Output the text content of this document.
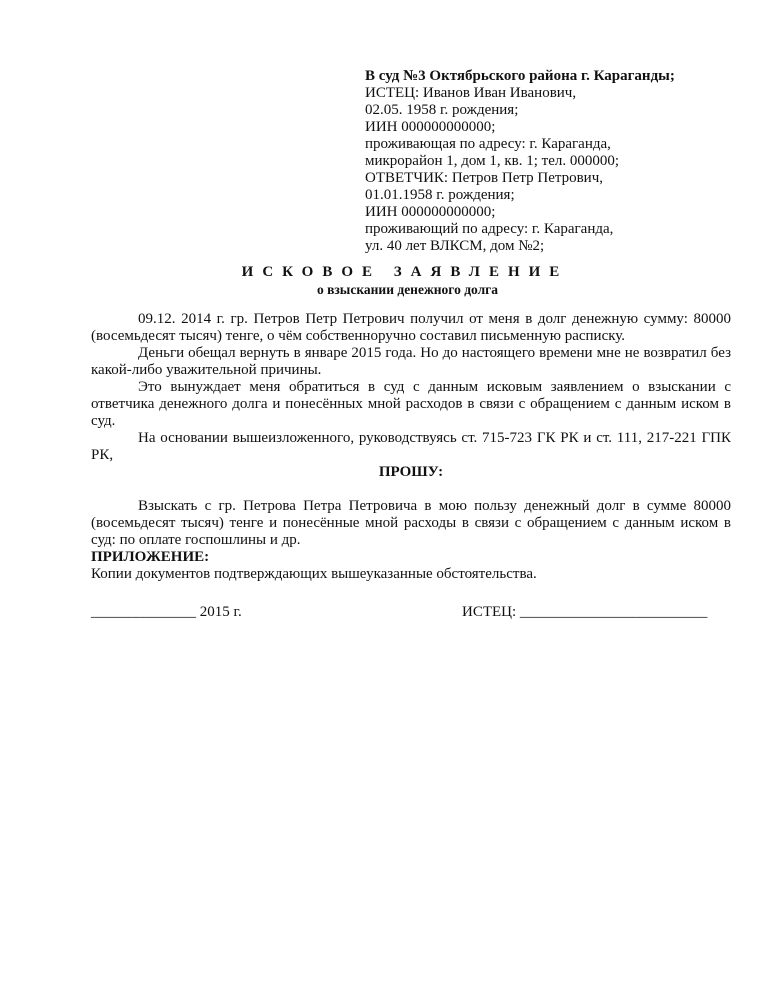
В суд №3 Октябрьского района г. Караганды;
ИСТЕЦ: Иванов Иван Иванович,
02.05. 1958 г. рождения;
ИИН 000000000000;
проживающая по адресу: г. Караганда,
микрорайон 1, дом 1, кв. 1; тел. 000000;
ОТВЕТЧИК: Петров Петр Петрович,
01.01.1958 г. рождения;
ИИН 000000000000;
проживающий по адресу: г. Караганда,
ул. 40 лет ВЛКСМ, дом №2;
ИСКОВОЕ ЗАЯВЛЕНИЕ
о взыскании денежного долга

09.12. 2014 г. гр. Петров Петр Петрович получил от меня в долг денежную сумму: 80000 (восемьдесят тысяч) тенге, о чём собственноручно составил письменную расписку.

Деньги обещал вернуть в январе 2015 года. Но до настоящего времени мне не возвратил без какой-либо уважительной причины.

Это вынуждает меня обратиться в суд с данным исковым заявлением о взыскании с ответчика денежного долга и понесённых мной расходов в связи с обращением с данным иском в суд.

На основании вышеизложенного, руководствуясь ст. 715-723 ГК РК и ст. 111, 217-221 ГПК РК,

ПРОШУ:

Взыскать с гр. Петрова Петра Петровича в мою пользу денежный долг в сумме 80000 (восемьдесят тысяч) тенге и понесённые мной расходы в связи с обращением с данным иском в суд: по оплате госпошлины и др.

ПРИЛОЖЕНИЕ:

Копии документов подтверждающих вышеуказанные обстоятельства.

______________ 2015 г.	ИСТЕЦ: _________________________
